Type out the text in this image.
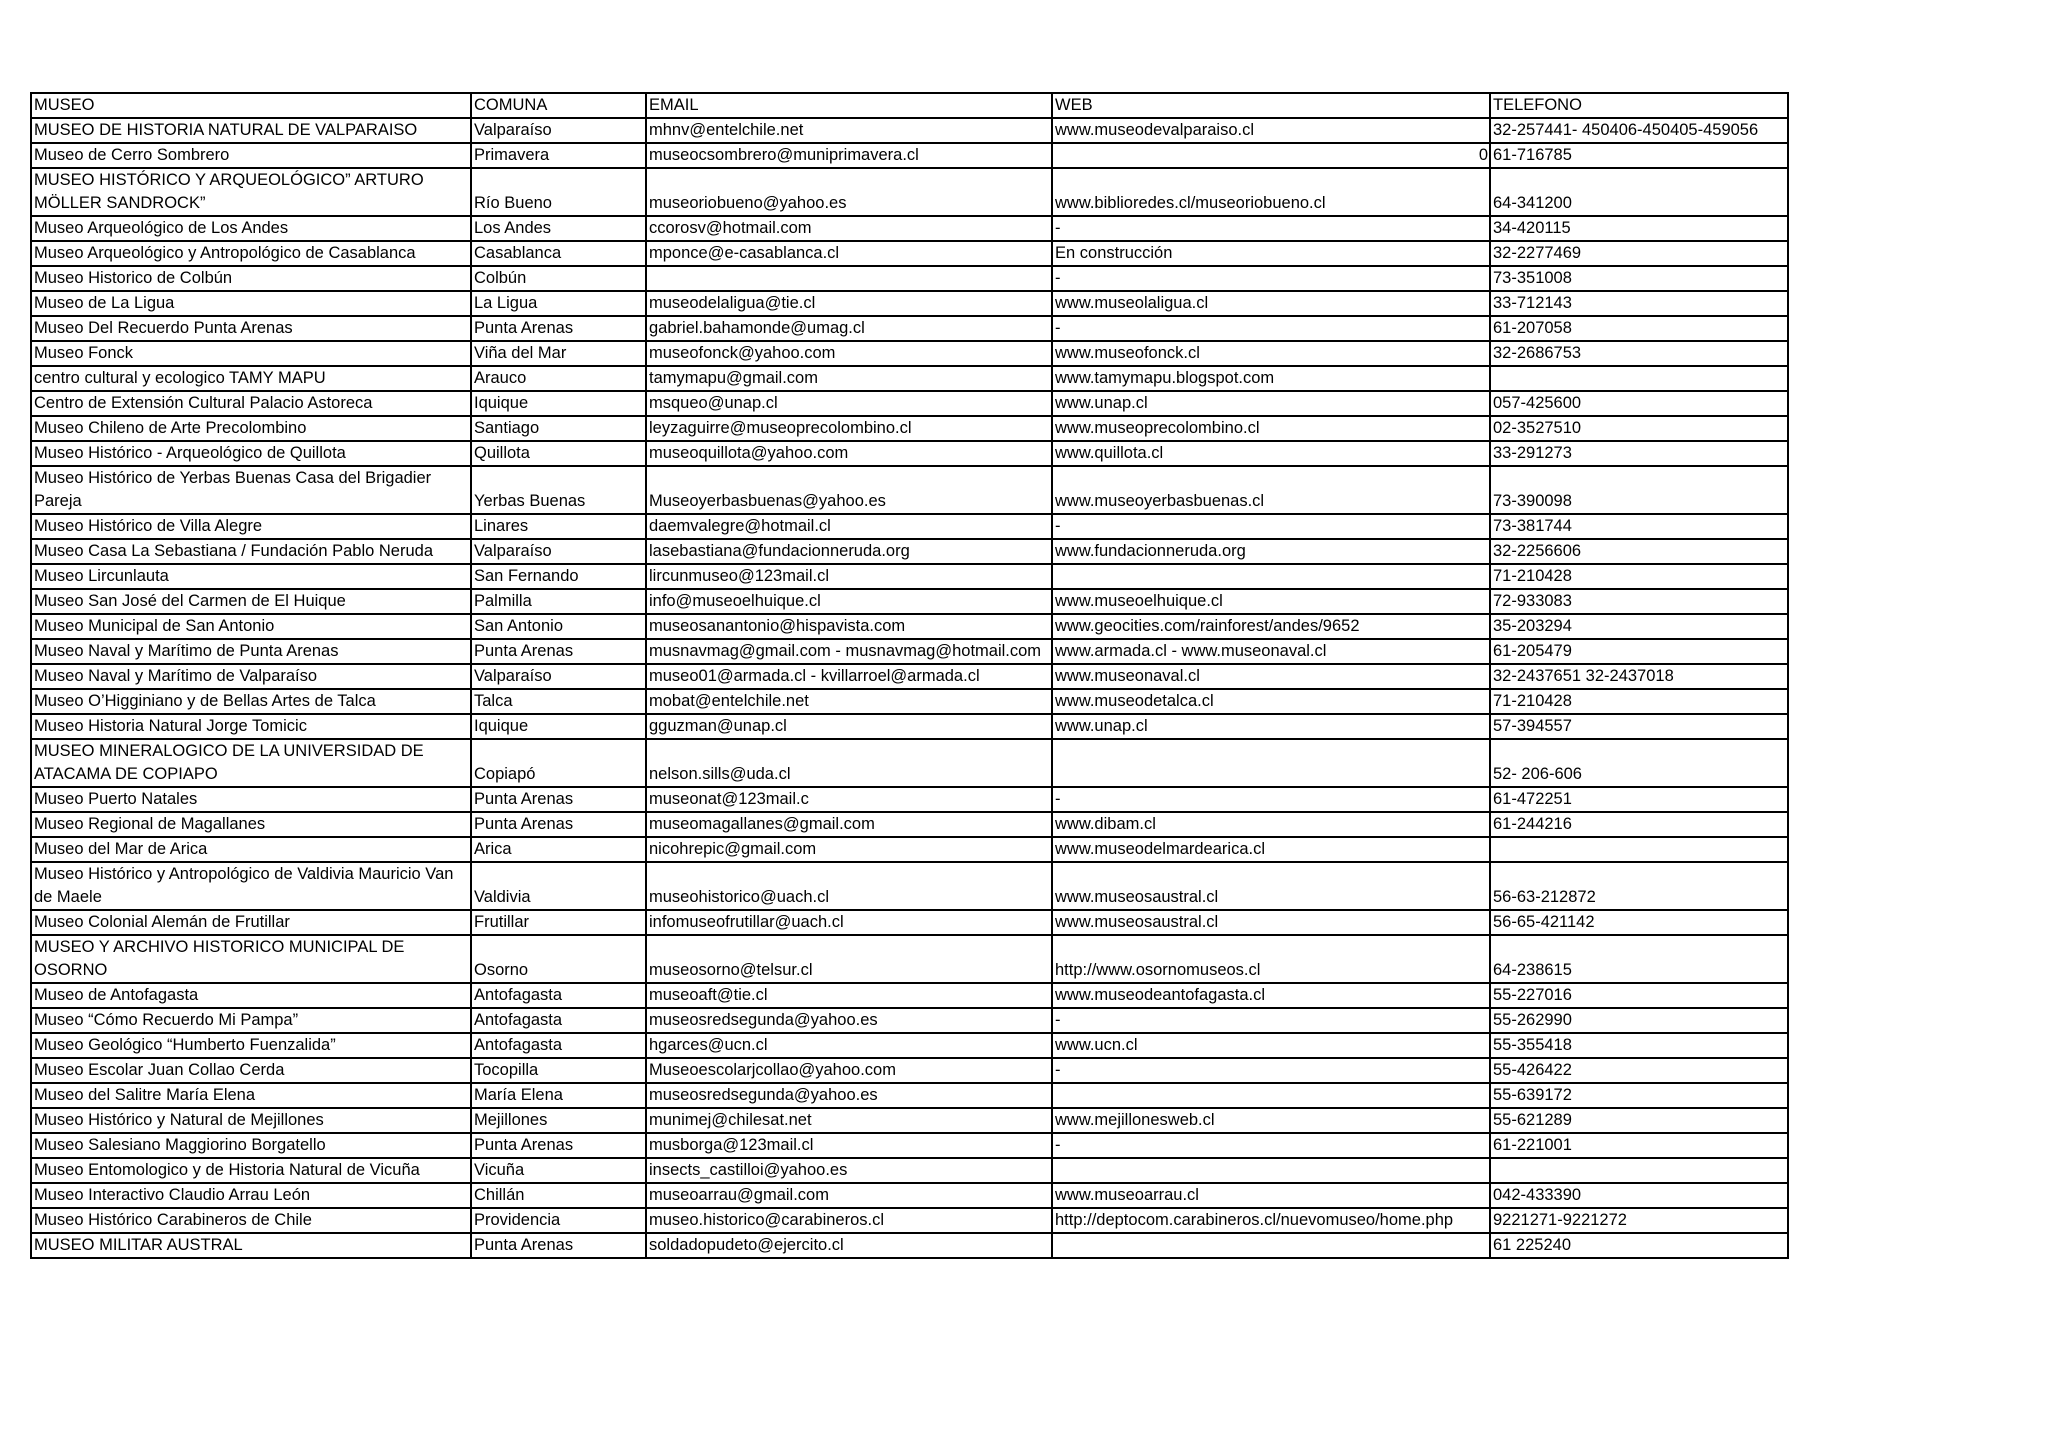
MUSEO	COMUNA	EMAIL	WEB	TELEFONO
MUSEO DE HISTORIA NATURAL DE VALPARAISO	Valparaíso	mhnv@entelchile.net	www.museodevalparaiso.cl	32-257441- 450406-450405-459056
Museo de Cerro Sombrero	Primavera	museocsombrero@muniprimavera.cl	0	61-716785
MUSEO HISTÓRICO Y ARQUEOLÓGICO” ARTURO MÖLLER SANDROCK”	Río Bueno	museoriobueno@yahoo.es	www.biblioredes.cl/museoriobueno.cl	64-341200
Museo Arqueológico de Los Andes	Los Andes	ccorosv@hotmail.com	-	34-420115
Museo Arqueológico y Antropológico de Casablanca	Casablanca	mponce@e-casablanca.cl	En construcción	32-2277469
Museo Historico de Colbún	Colbún		-	73-351008
Museo de La Ligua	La Ligua	museodelaligua@tie.cl	www.museolaligua.cl	33-712143
Museo Del Recuerdo Punta Arenas	Punta Arenas	gabriel.bahamonde@umag.cl	-	61-207058
Museo Fonck	Viña del Mar	museofonck@yahoo.com	www.museofonck.cl	32-2686753
centro cultural y ecologico TAMY MAPU	Arauco	tamymapu@gmail.com	www.tamymapu.blogspot.com	
Centro de Extensión Cultural Palacio Astoreca	Iquique	msqueo@unap.cl	www.unap.cl	057-425600
Museo Chileno de Arte Precolombino	Santiago	leyzaguirre@museoprecolombino.cl	www.museoprecolombino.cl	02-3527510
Museo Histórico - Arqueológico de Quillota	Quillota	museoquillota@yahoo.com	www.quillota.cl	33-291273
Museo Histórico de Yerbas Buenas Casa del Brigadier Pareja	Yerbas Buenas	Museoyerbasbuenas@yahoo.es	www.museoyerbasbuenas.cl	73-390098
Museo Histórico de Villa Alegre	Linares	daemvalegre@hotmail.cl	-	73-381744
Museo Casa La Sebastiana / Fundación Pablo Neruda	Valparaíso	lasebastiana@fundacionneruda.org	www.fundacionneruda.org	32-2256606
Museo Lircunlauta	San Fernando	lircunmuseo@123mail.cl		71-210428
Museo San José del Carmen de El Huique	Palmilla	info@museoelhuique.cl	www.museoelhuique.cl	72-933083
Museo Municipal de San Antonio	San Antonio	museosanantonio@hispavista.com	www.geocities.com/rainforest/andes/9652	35-203294
Museo Naval y Marítimo de Punta Arenas	Punta Arenas	musnavmag@gmail.com - musnavmag@hotmail.com	www.armada.cl - www.museonaval.cl	61-205479
Museo Naval y Marítimo de Valparaíso	Valparaíso	museo01@armada.cl - kvillarroel@armada.cl	www.museonaval.cl	32-2437651 32-2437018
Museo O’Higginiano y de Bellas Artes de Talca	Talca	mobat@entelchile.net	www.museodetalca.cl	71-210428
Museo Historia Natural Jorge Tomicic	Iquique	gguzman@unap.cl	www.unap.cl	57-394557
MUSEO MINERALOGICO DE LA UNIVERSIDAD DE ATACAMA DE COPIAPO	Copiapó	nelson.sills@uda.cl		52- 206-606
Museo Puerto Natales	Punta Arenas	museonat@123mail.c	-	61-472251
Museo Regional de Magallanes	Punta Arenas	museomagallanes@gmail.com	www.dibam.cl	61-244216
Museo del Mar de Arica	Arica	nicohrepic@gmail.com	www.museodelmardearica.cl	
Museo Histórico y Antropológico de Valdivia Mauricio Van de Maele	Valdivia	museohistorico@uach.cl	www.museosaustral.cl	56-63-212872
Museo Colonial Alemán de Frutillar	Frutillar	infomuseofrutillar@uach.cl	www.museosaustral.cl	56-65-421142
MUSEO Y ARCHIVO HISTORICO MUNICIPAL DE OSORNO	Osorno	museosorno@telsur.cl	http://www.osornomuseos.cl	64-238615
Museo de Antofagasta	Antofagasta	museoaft@tie.cl	www.museodeantofagasta.cl	55-227016
Museo “Cómo Recuerdo Mi Pampa”	Antofagasta	museosredsegunda@yahoo.es	-	55-262990
Museo Geológico “Humberto Fuenzalida”	Antofagasta	hgarces@ucn.cl	www.ucn.cl	55-355418
Museo Escolar Juan Collao Cerda	Tocopilla	Museoescolarjcollao@yahoo.com	-	55-426422
Museo del Salitre María Elena	María Elena	museosredsegunda@yahoo.es		55-639172
Museo Histórico y Natural de Mejillones	Mejillones	munimej@chilesat.net	www.mejillonesweb.cl	55-621289
Museo Salesiano Maggiorino Borgatello	Punta Arenas	musborga@123mail.cl	-	61-221001
Museo Entomologico y de Historia Natural de Vicuña	Vicuña	insects_castilloi@yahoo.es		
Museo Interactivo Claudio Arrau León	Chillán	museoarrau@gmail.com	www.museoarrau.cl	042-433390
Museo Histórico Carabineros de Chile	Providencia	museo.historico@carabineros.cl	http://deptocom.carabineros.cl/nuevomuseo/home.php	9221271-9221272
MUSEO MILITAR AUSTRAL	Punta Arenas	soldadopudeto@ejercito.cl		61 225240
